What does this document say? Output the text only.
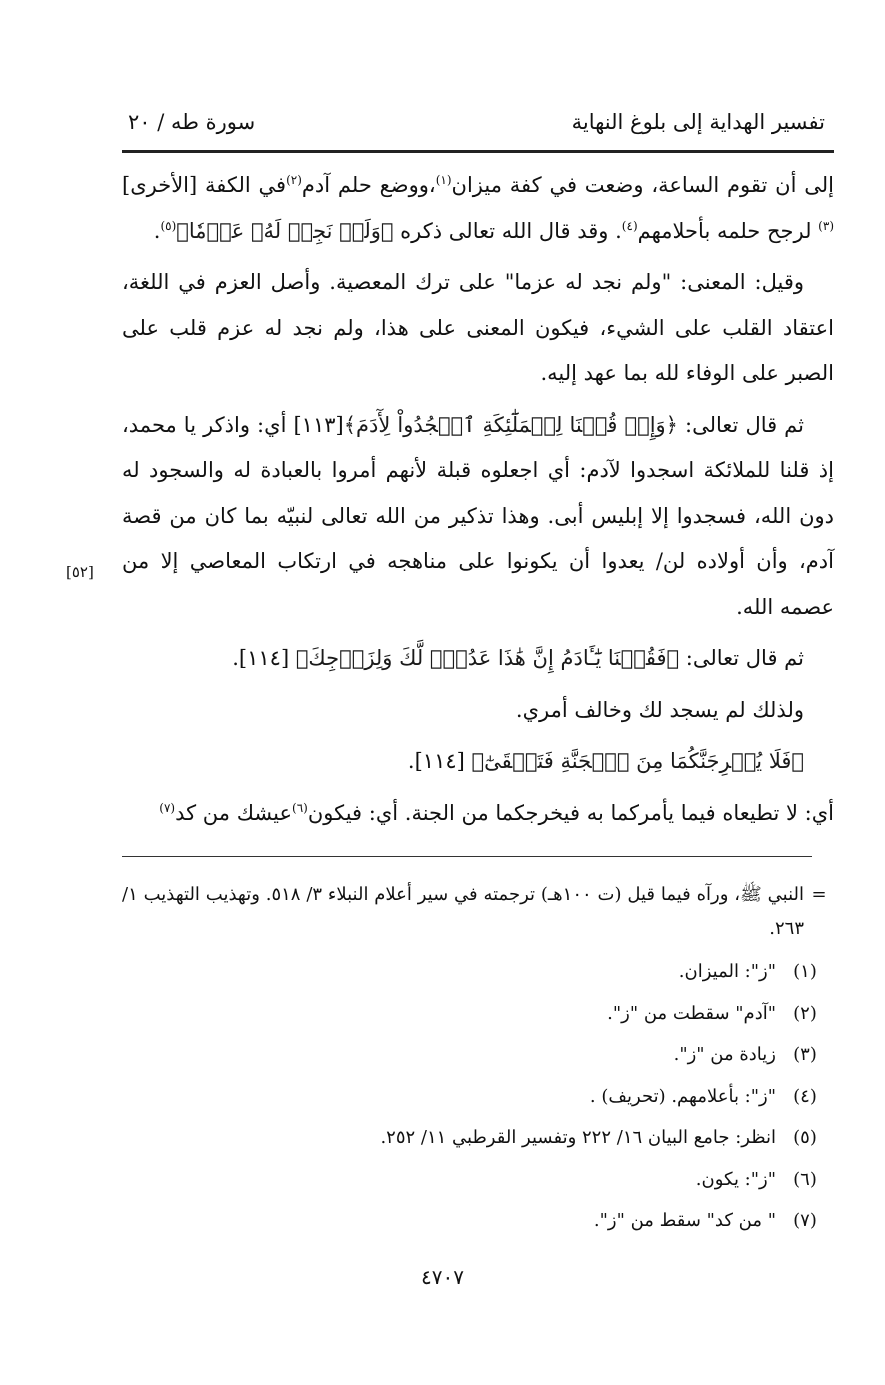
تفسير الهداية إلى بلوغ النهاية
سورة طه / ٢٠

إلى أن تقوم الساعة، وضعت في كفة ميزان$^{(١)}$،ووضع حلم آدم$^{(٢)}$في الكفة [الأخرى]$^{(٣)}$ لرجح حلمه بأحلامهم$^{(٤)}$. وقد قال الله تعالى ذكره ﴿وَلَمۡ نَجِدۡ لَهُۥ عَزۡمٗا﴾$^{(٥)}$.

وقيل: المعنى: "ولم نجد له عزما" على ترك المعصية. وأصل العزم في اللغة، اعتقاد القلب على الشيء، فيكون المعنى على هذا، ولم نجد له عزم قلب على الصبر على الوفاء لله بما عهد إليه.

ثم قال تعالى: ﴿وَإِذۡ قُلۡنَا لِلۡمَلَٰٓئِكَةِ ٱسۡجُدُواْ لِأٓدَمَ﴾[١١٣] أي: واذكر يا محمد، إذ قلنا للملائكة اسجدوا لآدم: أي اجعلوه قبلة لأنهم أمروا بالعبادة له والسجود له دون الله، فسجدوا إلا إبليس أبى. وهذا تذكير من الله تعالى لنبيّه بما كان من قصة آدم، وأن أولاده لن/ يعدوا أن يكونوا على مناهجه في ارتكاب المعاصي إلا من عصمه الله.

ثم قال تعالى: ﴿فَقُلۡنَا يَٰٓـَٔادَمُ إِنَّ هَٰذَا عَدُوّٞ لَّكَ وَلِزَوۡجِكَ﴾ [١١٤].

ولذلك لم يسجد لك وخالف أمري.

﴿فَلَا يُخۡرِجَنَّكُمَا مِنَ ٱلۡجَنَّةِ فَتَشۡقَىٰٓ﴾ [١١٤].

أي: لا تطيعاه فيما يأمركما به فيخرجكما من الجنة. أي: فيكون$^{(٦)}$عيشك من كد$^{(٧)}$

[٥٢]
=
النبي ﷺ، ورآه فيما قيل (ت ١٠٠هـ) ترجمته في سير أعلام النبلاء ٣/ ٥١٨. وتهذيب التهذيب ١/ ٢٦٣.
(١)
"ز": الميزان.
(٢)
"آدم" سقطت من "ز".
(٣)
زيادة من "ز".
(٤)
"ز": بأعلامهم. (تحريف) .
(٥)
انظر: جامع البيان ١٦/ ٢٢٢ وتفسير القرطبي ١١/ ٢٥٢.
(٦)
"ز": يكون.
(٧)
" من كد" سقط من "ز".
٤٧٠٧
